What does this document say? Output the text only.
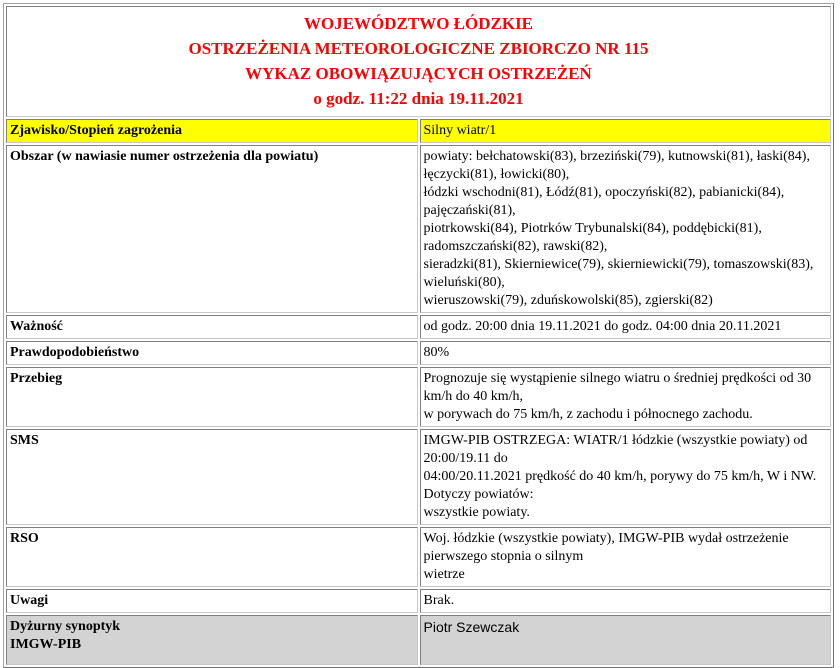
WOJEWÓDZTWO ŁÓDZKIE
OSTRZEŻENIA METEOROLOGICZNE ZBIORCZO NR 115
WYKAZ OBOWIĄZUJĄCYCH OSTRZEŻEŃ
o godz. 11:22 dnia 19.11.2021	

Zjawisko/Stopień zagrożenia	Silny wiatr/1
Obszar (w nawiasie numer ostrzeżenia dla powiatu)	powiaty: bełchatowski(83), brzeziński(79), kutnowski(81), łaski(84), łęczycki(81), łowicki(80),
łódzki wschodni(81), Łódź(81), opoczyński(82), pabianicki(84), pajęczański(81),
piotrkowski(84), Piotrków Trybunalski(84), poddębicki(81), radomszczański(82), rawski(82),
sieradzki(81), Skierniewice(79), skierniewicki(79), tomaszowski(83), wieluński(80),
wieruszowski(79), zduńskowolski(85), zgierski(82)

Ważność	od godz. 20:00 dnia 19.11.2021 do godz. 04:00 dnia 20.11.2021
Prawdopodobieństwo	80%
Przebieg	Prognozuje się wystąpienie silnego wiatru o średniej prędkości od 30 km/h do 40 km/h,
w porywach do 75 km/h, z zachodu i północnego zachodu.

SMS	IMGW-PIB OSTRZEGA: WIATR/1 łódzkie (wszystkie powiaty) od 20:00/19.11 do
04:00/20.11.2021 prędkość do 40 km/h, porywy do 75 km/h, W i NW. Dotyczy powiatów:
wszystkie powiaty.

RSO	Woj. łódzkie (wszystkie powiaty), IMGW-PIB wydał ostrzeżenie pierwszego stopnia o silnym
wietrze

Uwagi	Brak.

Dyżurny synoptyk
IMGW-PIB	Piotr Szewczak
